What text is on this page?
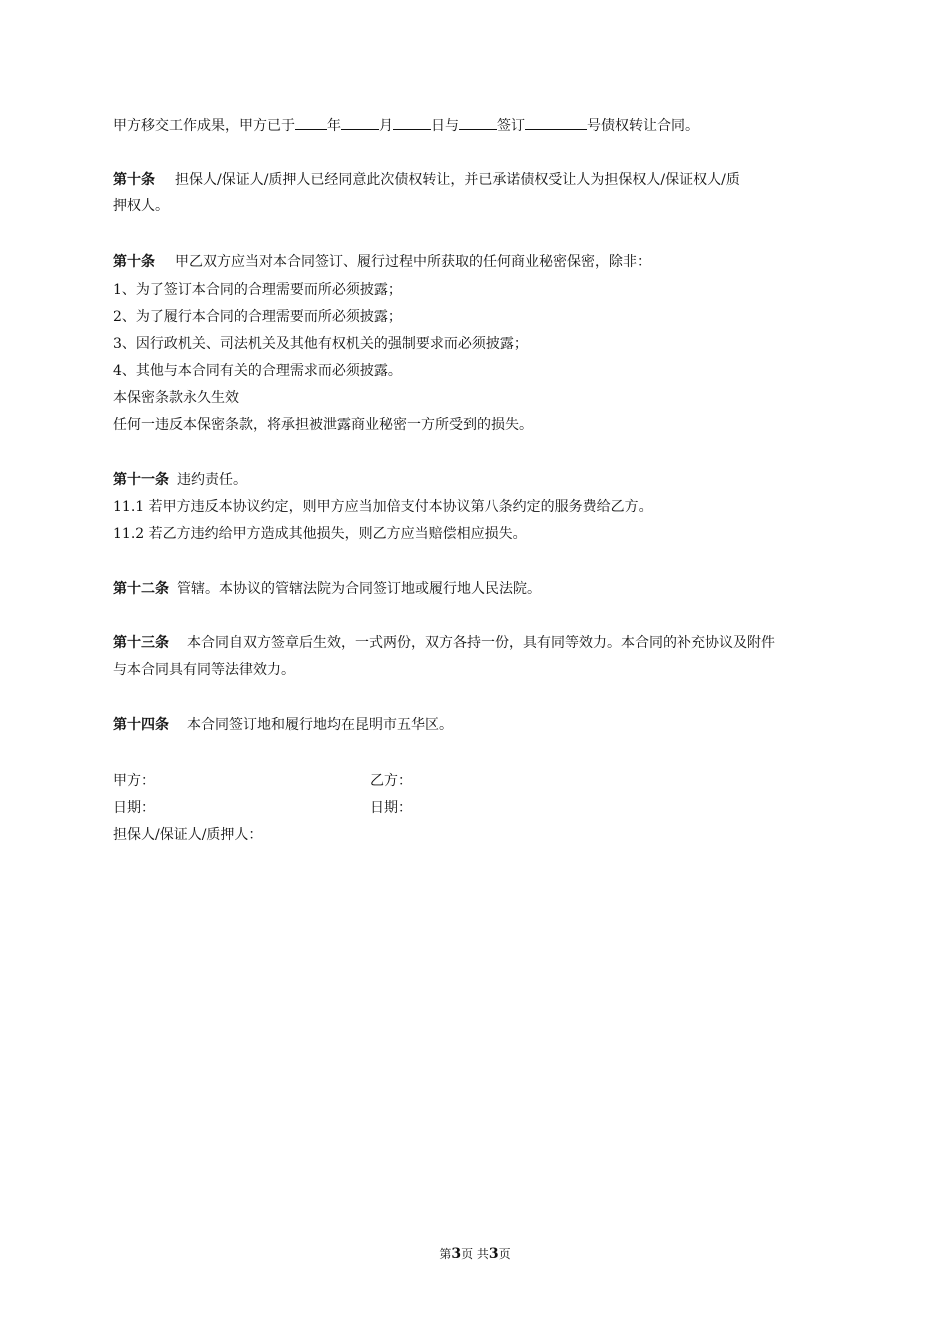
甲方移交工作成果，甲方已于 年	月	日与	签订	号债权转让合同。
第十条 担保人/保证人/质押人已经同意此次债权转让，并已承诺债权受让人为担保权人/保证权人/质
押权人。
第十条 甲乙双方应当对本合同签订、履行过程中所获取的任何商业秘密保密，除非：
1、为了签订本合同的合理需要而所必须披露；
2、为了履行本合同的合理需要而所必须披露；
3、因行政机关、司法机关及其他有权机关的强制要求而必须披露；
4、其他与本合同有关的合理需求而必须披露。
本保密条款永久生效
任何一违反本保密条款，将承担被泄露商业秘密一方所受到的损失。
第十一条 违约责任。
11.1 若甲方违反本协议约定，则甲方应当加倍支付本协议第八条约定的服务费给乙方。
11.2 若乙方违约给甲方造成其他损失，则乙方应当赔偿相应损失。
第十二条 管辖。本协议的管辖法院为合同签订地或履行地人民法院。
第十三条 本合同自双方签章后生效，一式两份，双方各持一份，具有同等效力。本合同的补充协议及附件
与本合同具有同等法律效力。
第十四条 本合同签订地和履行地均在昆明市五华区。
甲方：	乙方：
日期：	日期：
担保人/保证人/质押人：
第3页 共3页
